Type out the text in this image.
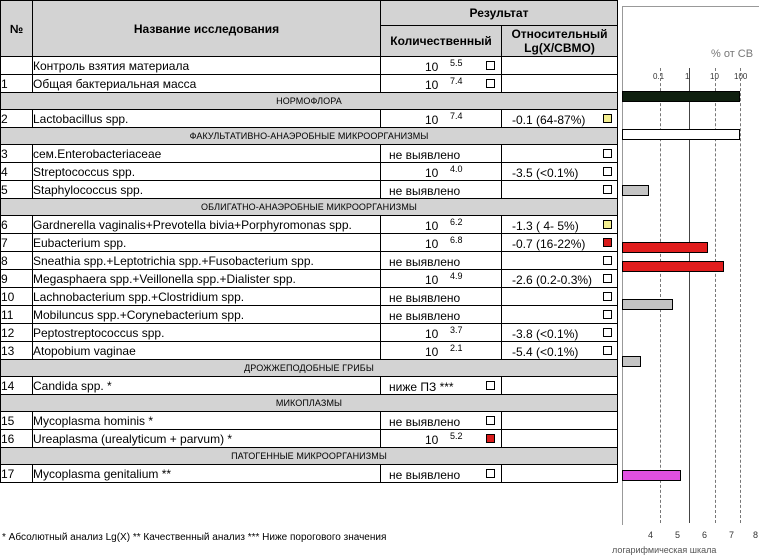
№	Название исследования	Результат	
		Количественный	Относительный Lg(X/CBMO)
	Контроль взятия материала	10 5.5	

1	Общая бактериальная масса	10 7.4	

НОРМОФЛОРА			
2	Lactobacillus spp.	10 7.4	-0.1 (64-87%)

ФАКУЛЬТАТИВНО-АНАЭРОБНЫЕ МИКРООРГАНИЗМЫ			
3	сем.Enterobacteriaceae	не выявлено	

4	Streptococcus spp.	10 4.0	-3.5 (<0.1%)

5	Staphylococcus spp.	не выявлено	

ОБЛИГАТНО-АНАЭРОБНЫЕ МИКРООРГАНИЗМЫ			
6	Gardnerella vaginalis+Prevotella bivia+Porphyromonas spp.	10 6.2	-1.3 ( 4- 5%)

7	Eubacterium spp.	10 6.8	-0.7 (16-22%)

8	Sneathia spp.+Leptotrichia spp.+Fusobacterium spp.	не выявлено	

9	Megasphaera spp.+Veillonella spp.+Dialister spp.	10 4.9	-2.6 (0.2-0.3%)

10	Lachnobacterium spp.+Clostridium spp.	не выявлено	

11	Mobiluncus spp.+Corynebacterium spp.	не выявлено	

12	Peptostreptococcus spp.	10 3.7	-3.8 (<0.1%)

13	Atopobium vaginae	10 2.1	-5.4 (<0.1%)

ДРОЖЖЕПОДОБНЫЕ ГРИБЫ			
14	Candida spp. *	ниже ПЗ ***	

МИКОПЛАЗМЫ			
15	Mycoplasma hominis *	не выявлено	

16	Ureaplasma (urealyticum + parvum) *	10 5.2	

ПАТОГЕННЫЕ МИКРООРГАНИЗМЫ			
17	Mycoplasma genitalium **	не выявлено	

* Абсолютный анализ Lg(X) ** Качественный анализ *** Ниже порогового значения
% от CB
0.1	1	10 100
4 5 6 7 8
логарифмическая шкала
